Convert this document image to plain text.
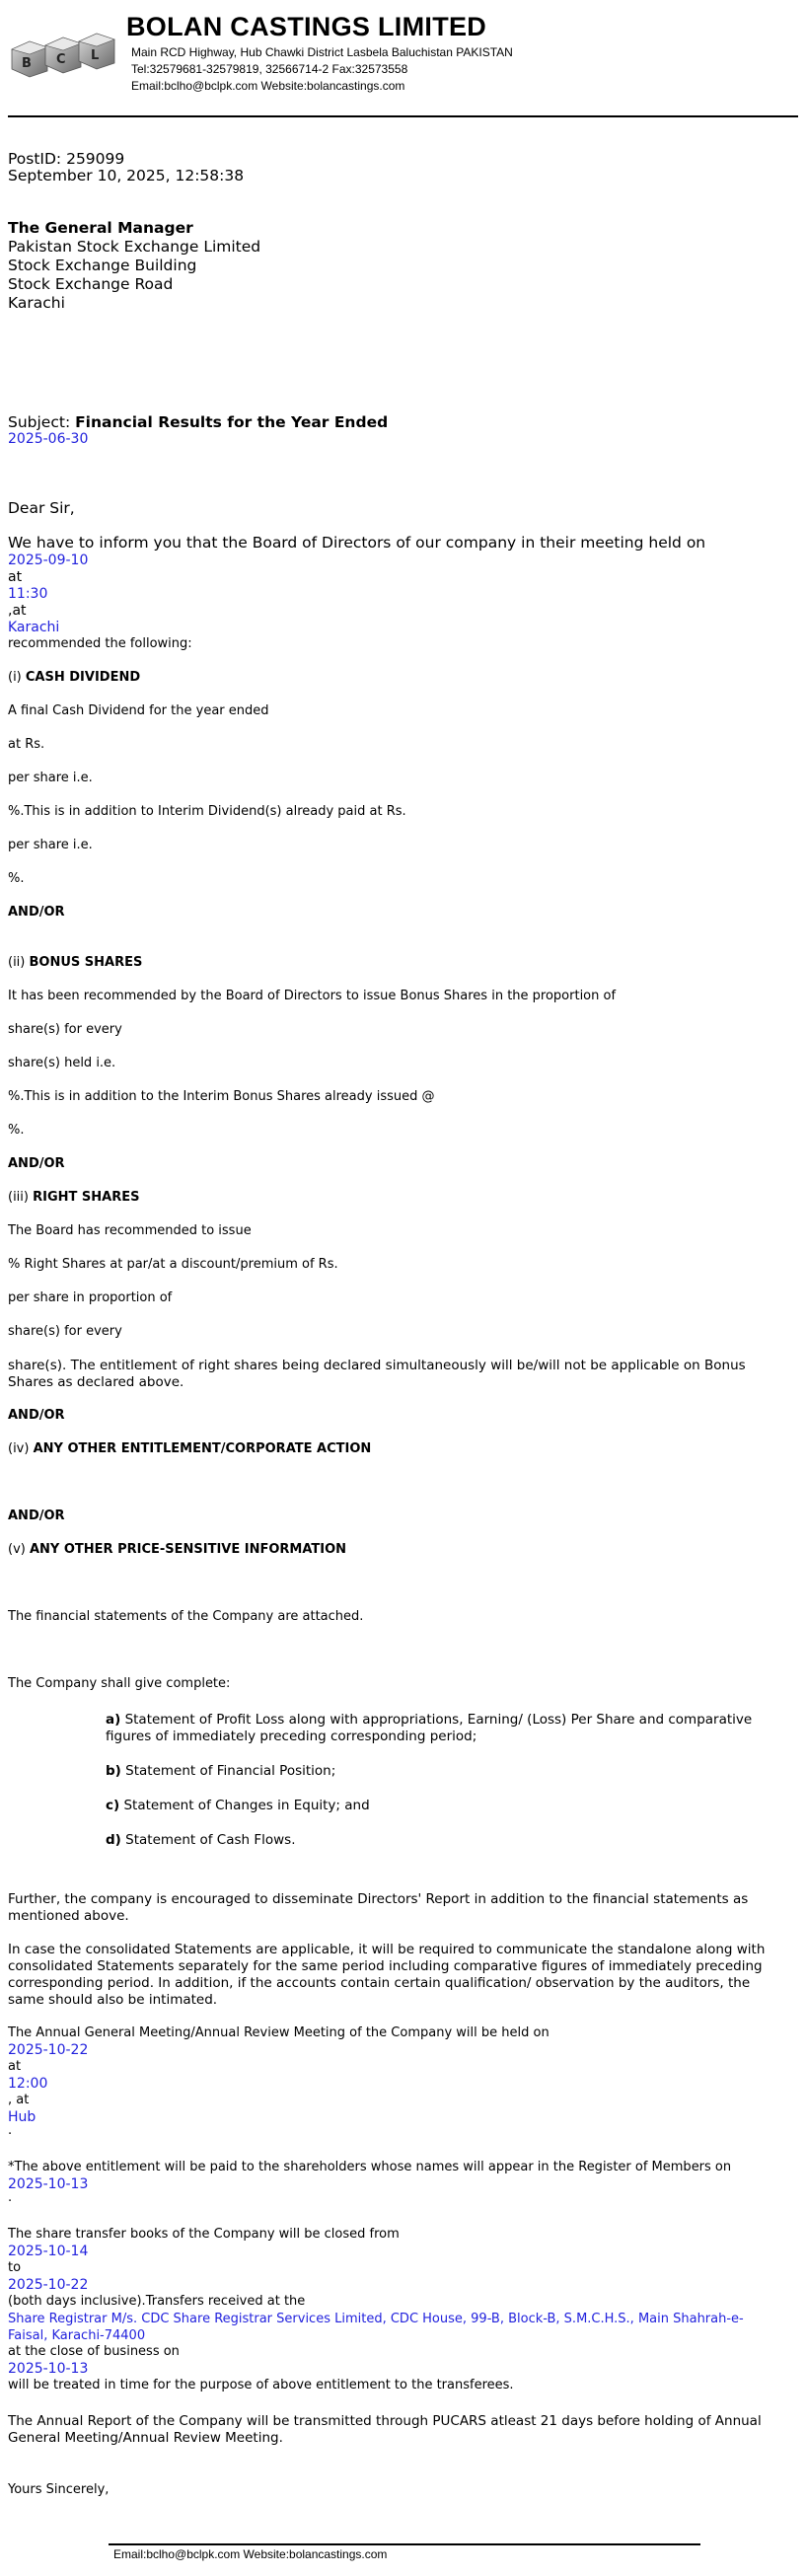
B C L
BOLAN CASTINGS LIMITED
Main RCD Highway, Hub Chawki District Lasbela Baluchistan PAKISTAN
Tel:32579681-32579819, 32566714-2 Fax:32573558
Email:bclho@bclpk.com Website:bolancastings.com
PostID: 259099
September 10, 2025, 12:58:38
The General Manager
Pakistan Stock Exchange Limited
Stock Exchange Building
Stock Exchange Road
Karachi
Subject: Financial Results for the Year Ended
2025-06-30
Dear Sir,
We have to inform you that the Board of Directors of our company in their meeting held on
2025-09-10
at
11:30
,at
Karachi
recommended the following:
(i) CASH DIVIDEND
A final Cash Dividend for the year ended
at Rs.
per share i.e.
%.This is in addition to Interim Dividend(s) already paid at Rs.
per share i.e.
%.
AND/OR
(ii) BONUS SHARES
It has been recommended by the Board of Directors to issue Bonus Shares in the proportion of
share(s) for every
share(s) held i.e.
%.This is in addition to the Interim Bonus Shares already issued @
%.
AND/OR
(iii) RIGHT SHARES
The Board has recommended to issue
% Right Shares at par/at a discount/premium of Rs.
per share in proportion of
share(s) for every
share(s). The entitlement of right shares being declared simultaneously will be/will not be applicable on Bonus Shares as declared above.
AND/OR
(iv) ANY OTHER ENTITLEMENT/CORPORATE ACTION
AND/OR
(v) ANY OTHER PRICE-SENSITIVE INFORMATION
The financial statements of the Company are attached.
The Company shall give complete:
a) Statement of Profit Loss along with appropriations, Earning/ (Loss) Per Share and comparative figures of immediately preceding corresponding period;
b) Statement of Financial Position;
c) Statement of Changes in Equity; and
d) Statement of Cash Flows.
Further, the company is encouraged to disseminate Directors' Report in addition to the financial statements as mentioned above.
In case the consolidated Statements are applicable, it will be required to communicate the standalone along with consolidated Statements separately for the same period including comparative figures of immediately preceding corresponding period. In addition, if the accounts contain certain qualification/ observation by the auditors, the same should also be intimated.
The Annual General Meeting/Annual Review Meeting of the Company will be held on
2025-10-22
at
12:00
, at
Hub
.
*The above entitlement will be paid to the shareholders whose names will appear in the Register of Members on
2025-10-13
.
The share transfer books of the Company will be closed from
2025-10-14
to
2025-10-22
(both days inclusive).Transfers received at the
Share Registrar M/s. CDC Share Registrar Services Limited, CDC House, 99-B, Block-B, S.M.C.H.S., Main Shahrah-e-Faisal, Karachi-74400
at the close of business on
2025-10-13
will be treated in time for the purpose of above entitlement to the transferees.
The Annual Report of the Company will be transmitted through PUCARS atleast 21 days before holding of Annual General Meeting/Annual Review Meeting.
Yours Sincerely,
Email:bclho@bclpk.com Website:bolancastings.com
